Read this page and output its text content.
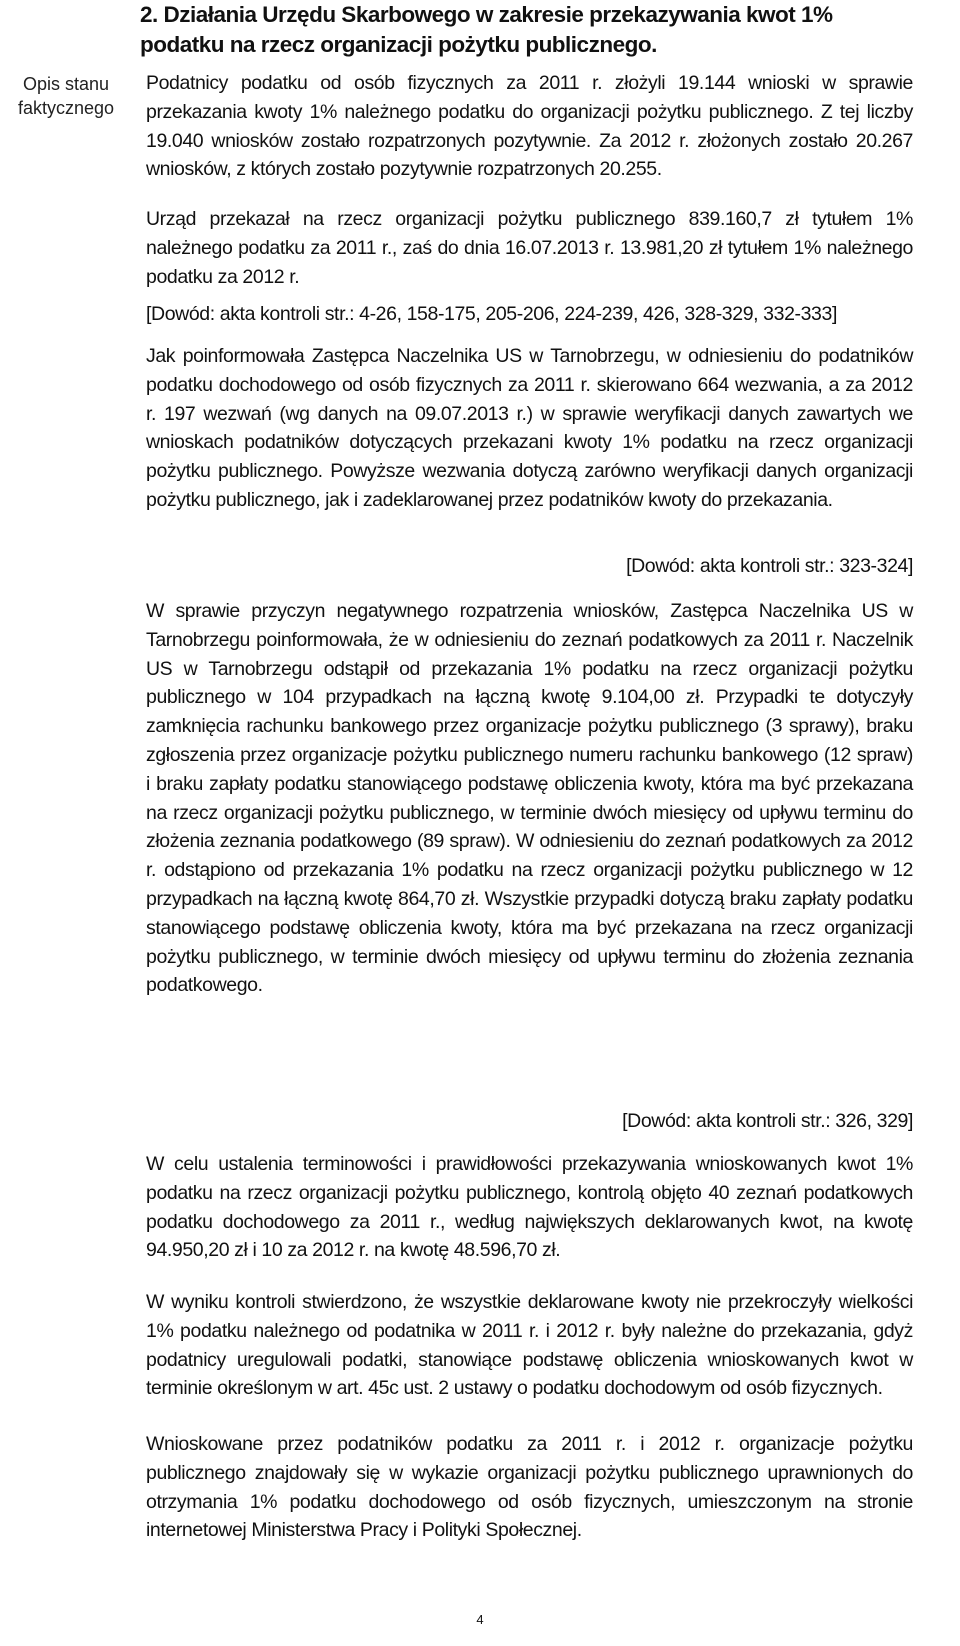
2. Działania Urzędu Skarbowego w zakresie przekazywania kwot 1% podatku na rzecz organizacji pożytku publicznego.
Opis stanu faktycznego

Podatnicy podatku od osób fizycznych za 2011 r. złożyli 19.144 wnioski w sprawie przekazania kwoty 1% należnego podatku do organizacji pożytku publicznego. Z tej liczby 19.040 wniosków zostało rozpatrzonych pozytywnie. Za 2012 r. złożonych zostało 20.267 wniosków, z których zostało pozytywnie rozpatrzonych 20.255.

Urząd przekazał na rzecz organizacji pożytku publicznego 839.160,7 zł tytułem 1% należnego podatku za 2011 r., zaś do dnia 16.07.2013 r. 13.981,20 zł tytułem 1% należnego podatku za 2012 r.

[Dowód: akta kontroli str.: 4-26, 158-175, 205-206, 224-239, 426, 328-329, 332-333]

Jak poinformowała Zastępca Naczelnika US w Tarnobrzegu, w odniesieniu do podatników podatku dochodowego od osób fizycznych za 2011 r. skierowano 664 wezwania, a za 2012 r. 197 wezwań (wg danych na 09.07.2013 r.) w sprawie weryfikacji danych zawartych we wnioskach podatników dotyczących przekazani kwoty 1% podatku na rzecz organizacji pożytku publicznego. Powyższe wezwania dotyczą zarówno weryfikacji danych organizacji pożytku publicznego, jak i zadeklarowanej przez podatników kwoty do przekazania.

[Dowód: akta kontroli str.: 323-324]

W sprawie przyczyn negatywnego rozpatrzenia wniosków, Zastępca Naczelnika US w Tarnobrzegu poinformowała, że w odniesieniu do zeznań podatkowych za 2011 r. Naczelnik US w Tarnobrzegu odstąpił od przekazania 1% podatku na rzecz organizacji pożytku publicznego w 104 przypadkach na łączną kwotę 9.104,00 zł. Przypadki te dotyczyły zamknięcia rachunku bankowego przez organizacje pożytku publicznego (3 sprawy), braku zgłoszenia przez organizacje pożytku publicznego numeru rachunku bankowego (12 spraw) i braku zapłaty podatku stanowiącego podstawę obliczenia kwoty, która ma być przekazana na rzecz organizacji pożytku publicznego, w terminie dwóch miesięcy od upływu terminu do złożenia zeznania podatkowego (89 spraw). W odniesieniu do zeznań podatkowych za 2012 r. odstąpiono od przekazania 1% podatku na rzecz organizacji pożytku publicznego w 12 przypadkach na łączną kwotę 864,70 zł. Wszystkie przypadki dotyczą braku zapłaty podatku stanowiącego podstawę obliczenia kwoty, która ma być przekazana na rzecz organizacji pożytku publicznego, w terminie dwóch miesięcy od upływu terminu do złożenia zeznania podatkowego.

[Dowód: akta kontroli str.: 326, 329]

W celu ustalenia terminowości i prawidłowości przekazywania wnioskowanych kwot 1% podatku na rzecz organizacji pożytku publicznego, kontrolą objęto 40 zeznań podatkowych podatku dochodowego za 2011 r., według największych deklarowanych kwot, na kwotę 94.950,20 zł i 10 za 2012 r. na kwotę 48.596,70 zł.

W wyniku kontroli stwierdzono, że wszystkie deklarowane kwoty nie przekroczyły wielkości 1% podatku należnego od podatnika w 2011 r. i 2012 r. były należne do przekazania, gdyż podatnicy uregulowali podatki, stanowiące podstawę obliczenia wnioskowanych kwot w terminie określonym w art. 45c ust. 2 ustawy o podatku dochodowym od osób fizycznych.

Wnioskowane przez podatników podatku za 2011 r. i 2012 r. organizacje pożytku publicznego znajdowały się w wykazie organizacji pożytku publicznego uprawnionych do otrzymania 1% podatku dochodowego od osób fizycznych, umieszczonym na stronie internetowej Ministerstwa Pracy i Polityki Społecznej.

4
